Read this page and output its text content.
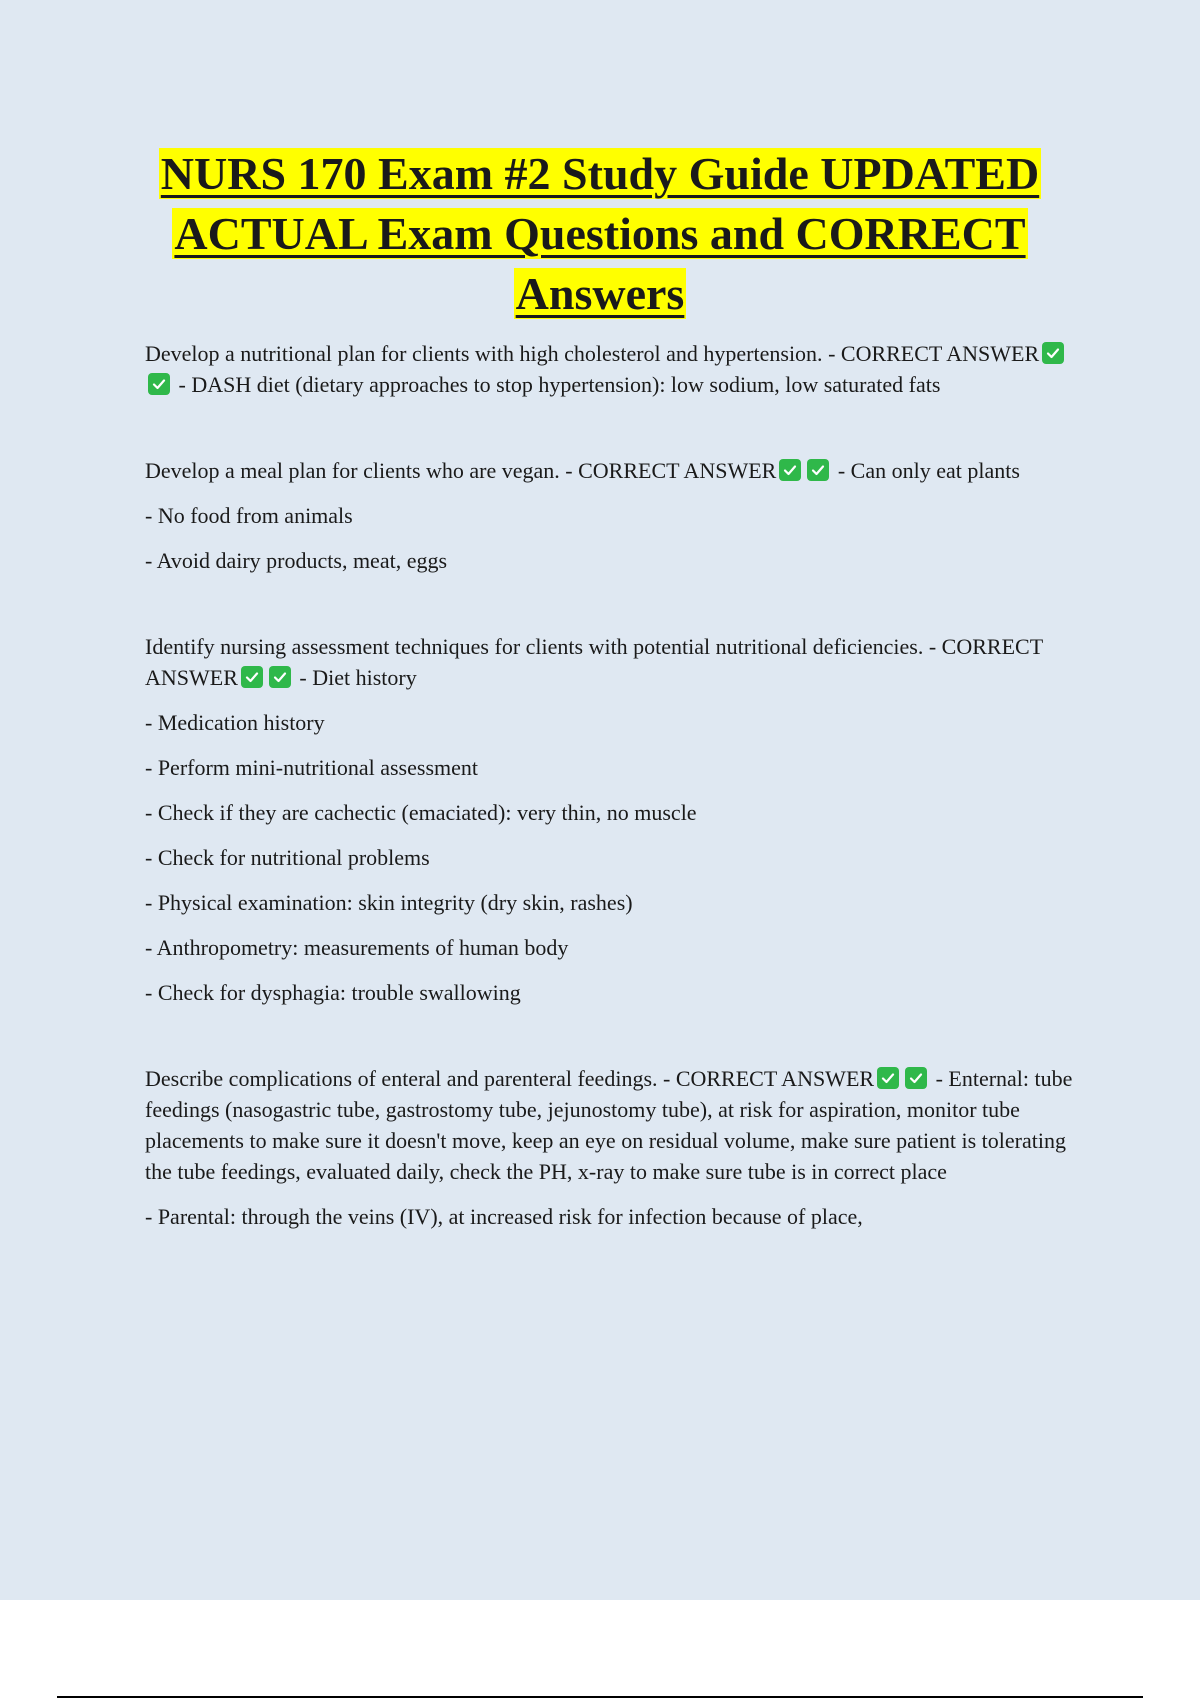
NURS 170 Exam #2 Study Guide UPDATED
ACTUAL Exam Questions and CORRECT
Answers

Develop a nutritional plan for clients with high cholesterol and hypertension. - CORRECT ANSWER
- DASH diet (dietary approaches to stop hypertension): low sodium, low saturated fats

Develop a meal plan for clients who are vegan. - CORRECT ANSWER	- Can only eat plants

- No food from animals

- Avoid dairy products, meat, eggs

Identify nursing assessment techniques for clients with potential nutritional deficiencies. - CORRECT ANSWER	- Diet history

- Medication history

- Perform mini-nutritional assessment

- Check if they are cachectic (emaciated): very thin, no muscle

- Check for nutritional problems

- Physical examination: skin integrity (dry skin, rashes)

- Anthropometry: measurements of human body

- Check for dysphagia: trouble swallowing

Describe complications of enteral and parenteral feedings. - CORRECT ANSWER	- Enternal: tube feedings (nasogastric tube, gastrostomy tube, jejunostomy tube), at risk for aspiration, monitor tube placements to make sure it doesn't move, keep an eye on residual volume, make sure patient is tolerating the tube feedings, evaluated daily, check the PH, x-ray to make sure tube is in correct place

- Parental: through the veins (IV), at increased risk for infection because of place,
